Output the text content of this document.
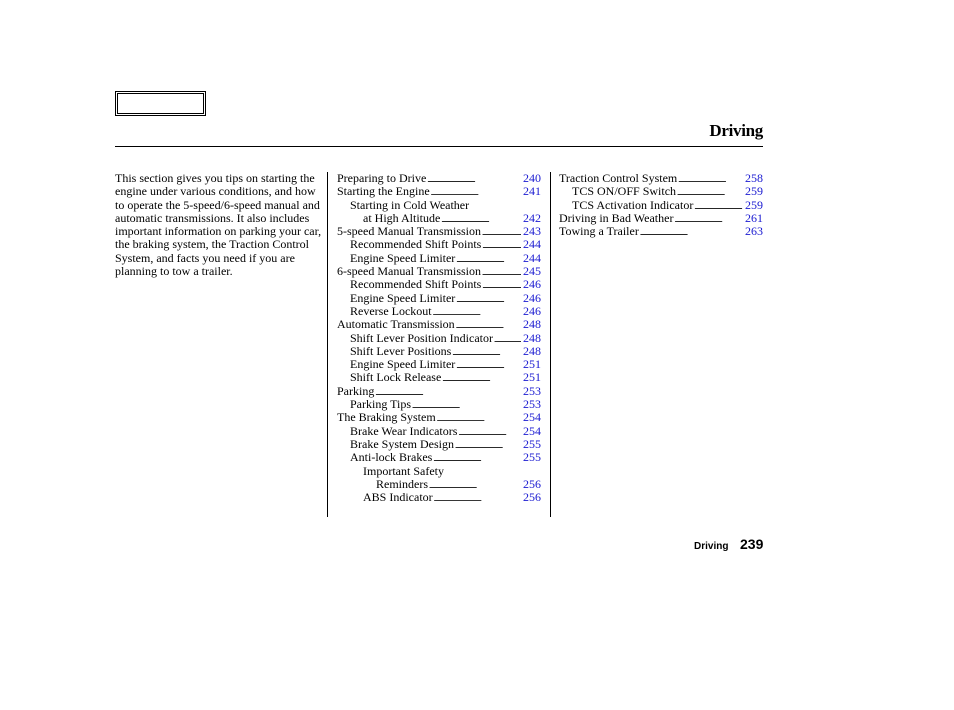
Driving

This section gives you tips on starting the engine under various conditions, and how to operate the 5-speed/6-speed manual and automatic transmissions. It also includes important information on parking your car, the braking system, the Traction Control System, and facts you need if you are planning to tow a trailer.

Preparing to Drive . . .	240
Starting the Engine . . .	241
Starting in Cold Weather
at High Altitude . . .	242
5-speed Manual Transmission . . .	243
Recommended Shift Points . . .	244
Engine Speed Limiter . . .	244
6-speed Manual Transmission . . .	245
Recommended Shift Points . . .	246
Engine Speed Limiter . . .	246
Reverse Lockout . . .	246
Automatic Transmission . . .	248
Shift Lever Position Indicator . . .	248
Shift Lever Positions . . .	248
Engine Speed Limiter . . .	251
Shift Lock Release . . .	251
Parking . . .	253
Parking Tips . . .	253
The Braking System . . .	254
Brake Wear Indicators . . .	254
Brake System Design . . .	255
Anti-lock Brakes . . .	255
Important Safety
Reminders . . .	256
ABS Indicator . . .	256
Traction Control System . . .	258
TCS ON/OFF Switch . . .	259
TCS Activation Indicator . . .	259
Driving in Bad Weather . . .	261
Towing a Trailer . . .	263
Driving 239
